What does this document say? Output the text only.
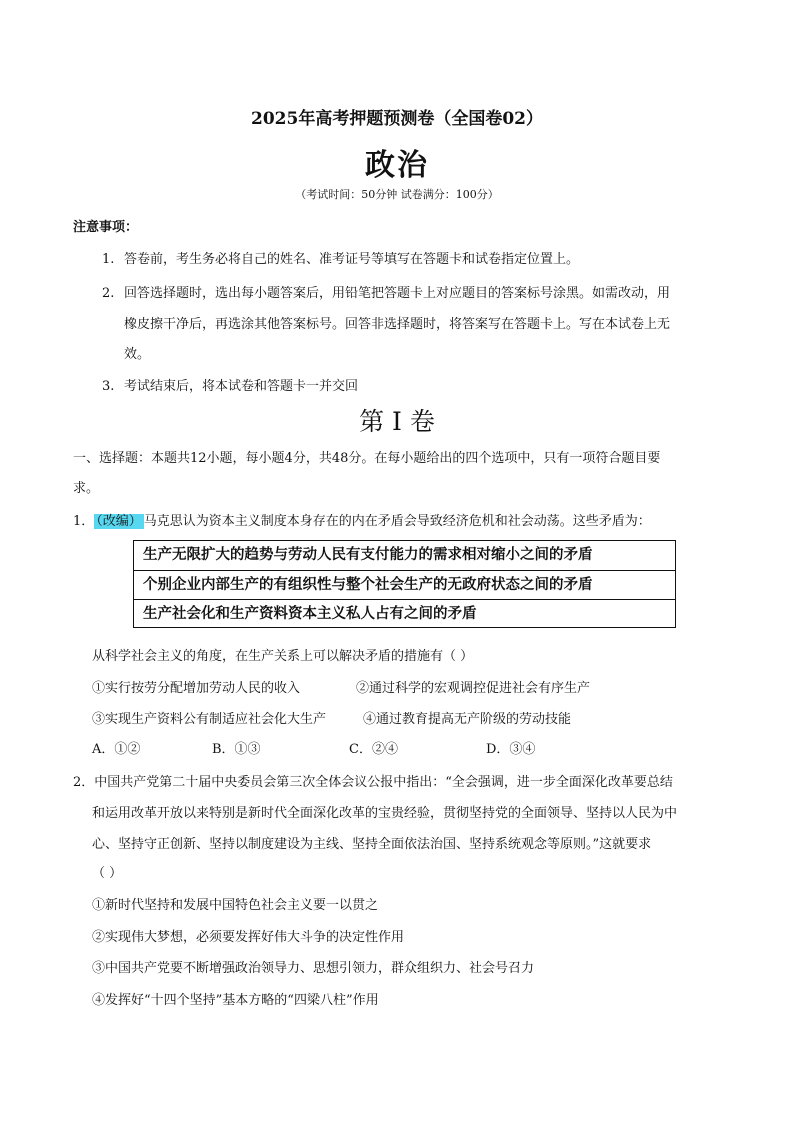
2025年高考押题预测卷（全国卷02）
政治
（考试时间：50分钟 试卷满分：100分）
注意事项：
1. 答卷前，考生务必将自己的姓名、准考证号等填写在答题卡和试卷指定位置上。
2. 回答选择题时，选出每小题答案后，用铅笔把答题卡上对应题目的答案标号涂黑。如需改动，用
橡皮擦干净后，再选涂其他答案标号。回答非选择题时，将答案写在答题卡上。写在本试卷上无
效。
3. 考试结束后，将本试卷和答题卡一并交回
第 I 卷
一、选择题：本题共12小题，每小题4分，共48分。在每小题给出的四个选项中，只有一项符合题目要
求。
1． （改编） 马克思认为资本主义制度本身存在的内在矛盾会导致经济危机和社会动荡。这些矛盾为：
生产无限扩大的趋势与劳动人民有支付能力的需求相对缩小之间的矛盾
个别企业内部生产的有组织性与整个社会生产的无政府状态之间的矛盾
生产社会化和生产资料资本主义私人占有之间的矛盾
从科学社会主义的角度，在生产关系上可以解决矛盾的措施有（ ）
①实行按劳分配增加劳动人民的收入	②通过科学的宏观调控促进社会有序生产
③实现生产资料公有制适应社会化大生产	④通过教育提高无产阶级的劳动技能
A．①②	B．①③	C．②④	D．③④
2．中国共产党第二十届中央委员会第三次全体会议公报中指出：“全会强调，进一步全面深化改革要总结
和运用改革开放以来特别是新时代全面深化改革的宝贵经验，贯彻坚持党的全面领导、坚持以人民为中
心、坚持守正创新、坚持以制度建设为主线、坚持全面依法治国、坚持系统观念等原则。”这就要求
（ ）
①新时代坚持和发展中国特色社会主义要一以贯之
②实现伟大梦想，必须要发挥好伟大斗争的决定性作用
③中国共产党要不断增强政治领导力、思想引领力，群众组织力、社会号召力
④发挥好“十四个坚持”基本方略的“四梁八柱”作用
